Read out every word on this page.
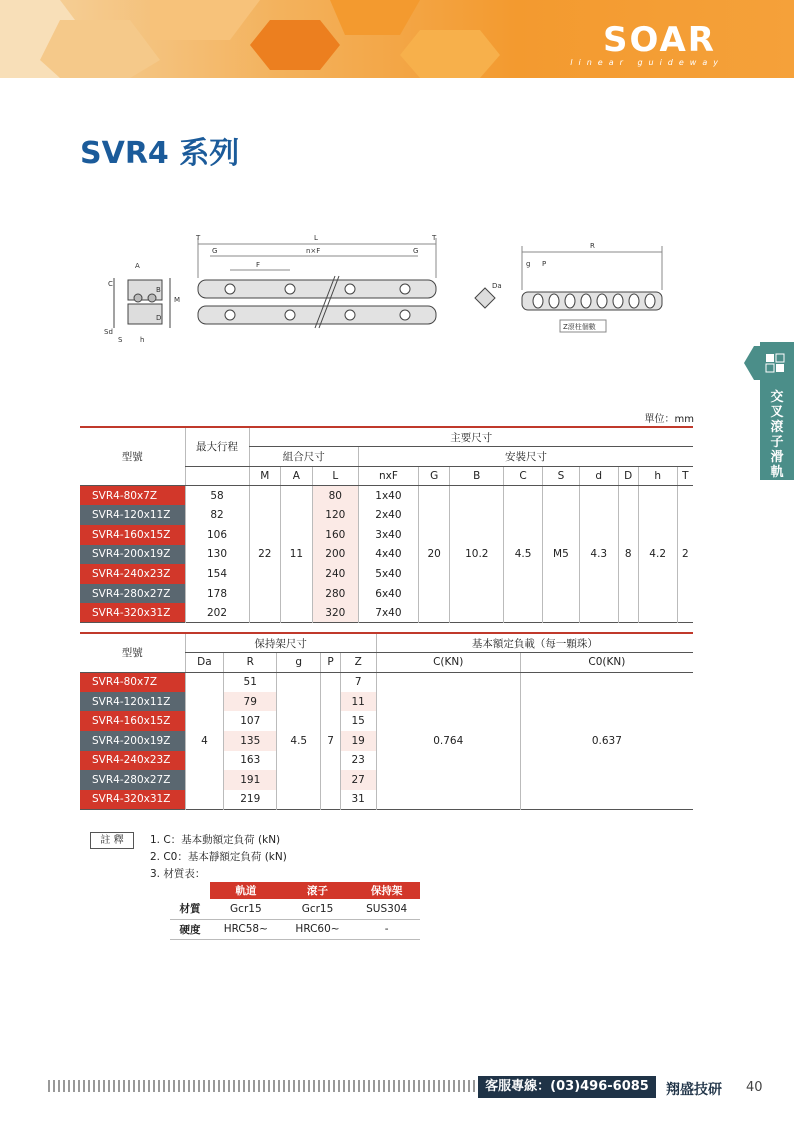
SOAR
linear guideway
SVR4 系列
A
C
B
M
D
Sd
S	h
T	L	T
G	n×F	G
F
Da
R
g P
Z滾柱個數
交叉滾子滑軌
單位：mm
型號	最大行程	主要尺寸											
		組合尺寸			安裝尺寸								
		M	A	L	nxF	G	B	C	S	d	D	h	T
SVR4-80x7Z	58	22	11	80	1x40	20	10.2	4.5	M5	4.3	8	4.2	2
SVR4-120x11Z	82			120	2x40								
SVR4-160x15Z	106			160	3x40								
SVR4-200x19Z	130			200	4x40								
SVR4-240x23Z	154			240	5x40								
SVR4-280x27Z	178			280	6x40								
SVR4-320x31Z	202			320	7x40								
型號	保持架尺寸					基本額定負載（每一顆珠）	
	Da	R	g	P	Z	C(KN)	C0(KN)
SVR4-80x7Z	4	51	4.5	7	7	0.764	0.637
SVR4-120x11Z		79			11		
SVR4-160x15Z		107			15		
SVR4-200x19Z		135			19		
SVR4-240x23Z		163			23		
SVR4-280x27Z		191			27		
SVR4-320x31Z		219			31		
註 釋	1. C：基本動額定負荷 (kN)
2. C0：基本靜額定負荷 (kN)
3. 材質表：
	軌道	滾子	保持架
材質	Gcr15	Gcr15	SUS304
硬度	HRC58~	HRC60~	-
客服專線：(03)496-6085	翔盛技研 40
